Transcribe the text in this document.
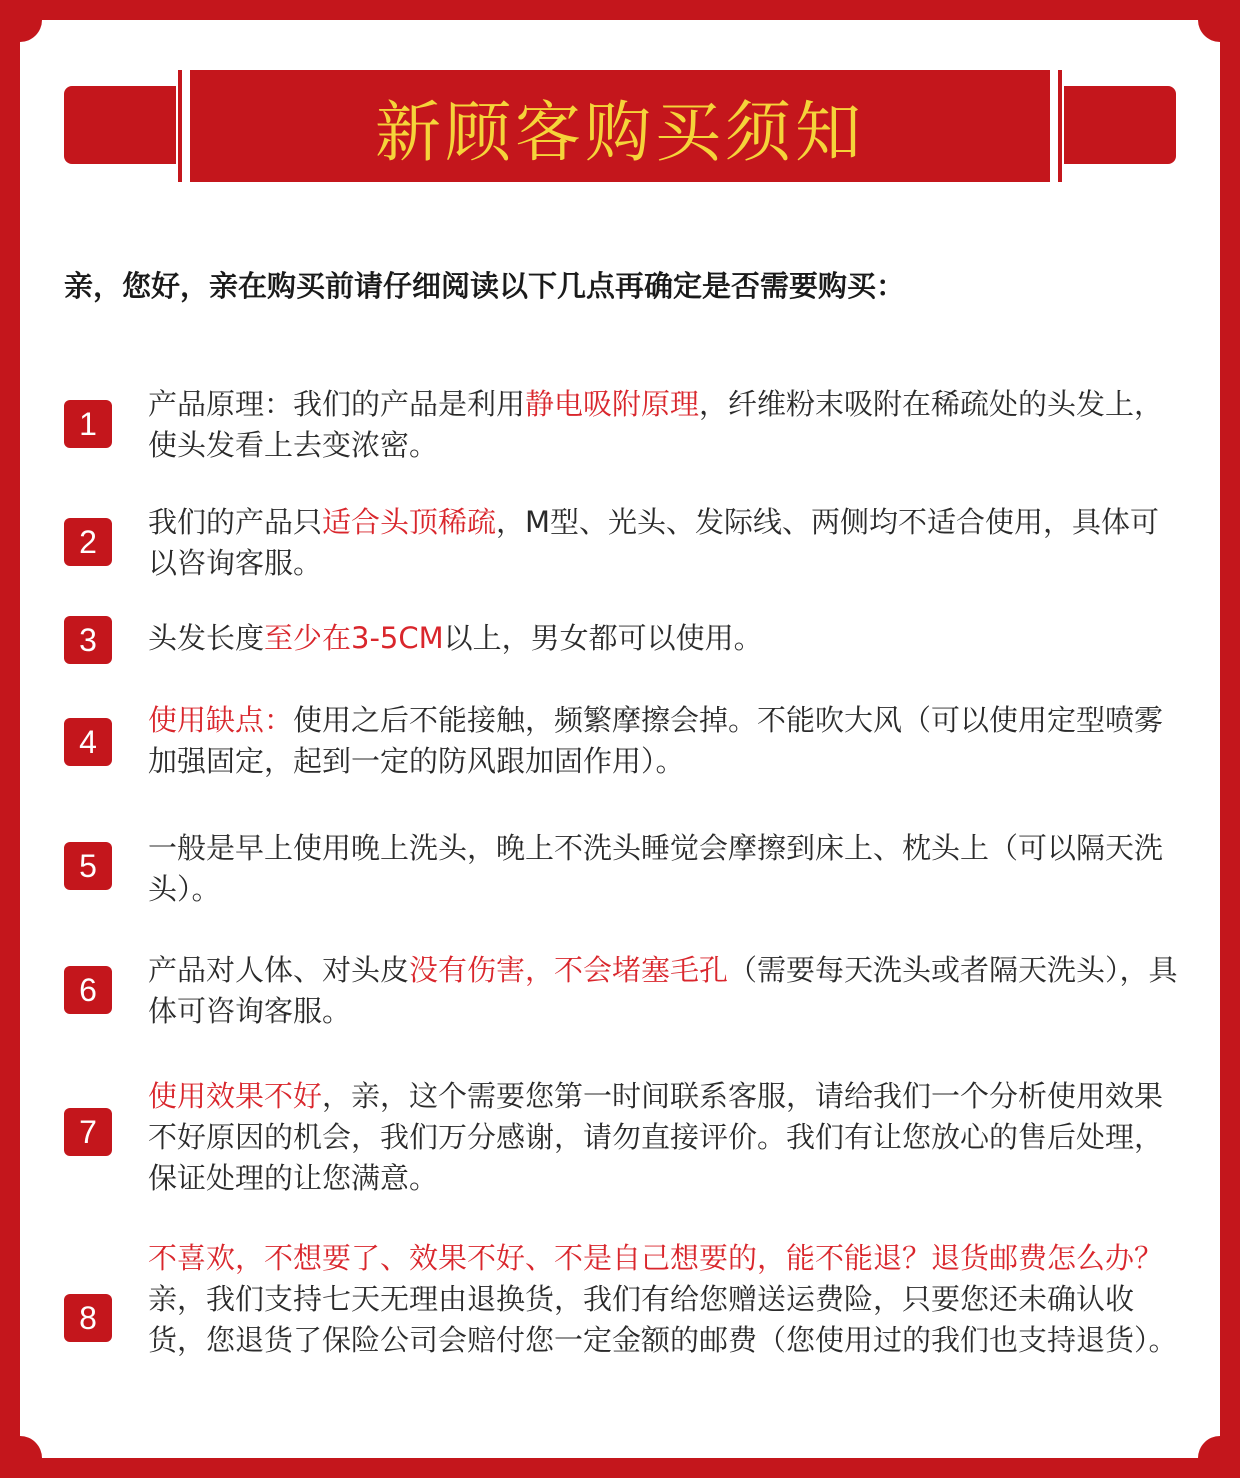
新顾客购买须知
亲，您好，亲在购买前请仔细阅读以下几点再确定是否需要购买：
1
产品原理：我们的产品是利用静电吸附原理，纤维粉末吸附在稀疏处的头发上，使头发看上去变浓密。
2
我们的产品只适合头顶稀疏，M型、光头、发际线、两侧均不适合使用，具体可以咨询客服。
3	头发长度至少在3-5CM以上，男女都可以使用。
4
使用缺点：使用之后不能接触，频繁摩擦会掉。不能吹大风（可以使用定型喷雾加强固定，起到一定的防风跟加固作用）。
5	一般是早上使用晚上洗头，晚上不洗头睡觉会摩擦到床上、枕头上（可以隔天洗头）。
6
产品对人体、对头皮没有伤害，不会堵塞毛孔（需要每天洗头或者隔天洗头），具体可咨询客服。
7
使用效果不好，亲，这个需要您第一时间联系客服，请给我们一个分析使用效果不好原因的机会，我们万分感谢，请勿直接评价。我们有让您放心的售后处理，保证处理的让您满意。
8
不喜欢，不想要了、效果不好、不是自己想要的，能不能退？退货邮费怎么办？亲，我们支持七天无理由退换货，我们有给您赠送运费险，只要您还未确认收货，您退货了保险公司会赔付您一定金额的邮费（您使用过的我们也支持退货）。
